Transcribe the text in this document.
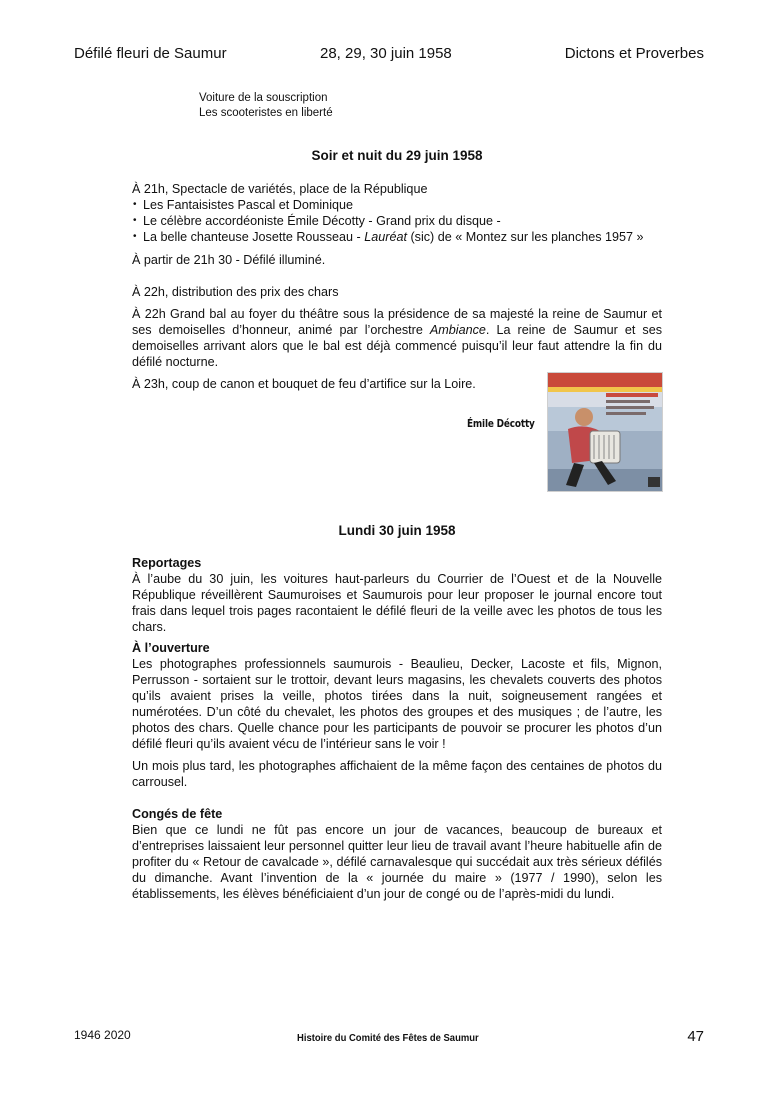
Défilé fleuri de Saumur	28, 29, 30 juin 1958	Dictons et Proverbes
Voiture de la souscription
Les scooteristes en liberté
Soir et nuit du 29 juin 1958
À 21h, Spectacle de variétés, place de la République
• Les Fantaisistes Pascal et Dominique
• Le célèbre accordéoniste Émile Décotty - Grand prix du disque -
• La belle chanteuse Josette Rousseau - Lauréat (sic) de « Montez sur les planches 1957 »
À partir de 21h 30 - Défilé illuminé.
À 22h, distribution des prix des chars
À 22h Grand bal au foyer du théâtre sous la présidence de sa majesté la reine de Saumur et ses demoiselles d’honneur, animé par l’orchestre Ambiance. La reine de Saumur et ses demoiselles arrivant alors que le bal est déjà commencé puisqu’il leur faut attendre la fin du défilé nocturne.
À 23h, coup de canon et bouquet de feu d’artifice sur la Loire.
Émile Décotty
Lundi 30 juin 1958
Reportages
À l’aube du 30 juin, les voitures haut-parleurs du Courrier de l’Ouest et de la Nouvelle République réveillèrent Saumuroises et Saumurois pour leur proposer le journal encore tout frais dans lequel trois pages racontaient le défilé fleuri de la veille avec les photos de tous les chars.
À l’ouverture
Les photographes professionnels saumurois - Beaulieu, Decker, Lacoste et fils, Mignon, Perrusson - sortaient sur le trottoir, devant leurs magasins, les chevalets couverts des photos qu’ils avaient prises la veille, photos tirées dans la nuit, soigneusement rangées et numérotées. D’un côté du chevalet, les photos des groupes et des musiques ; de l’autre, les photos des chars. Quelle chance pour les participants de pouvoir se procurer les photos d’un défilé fleuri qu’ils avaient vécu de l’intérieur sans le voir !
Un mois plus tard, les photographes affichaient de la même façon des centaines de photos du carrousel.
Congés de fête
Bien que ce lundi ne fût pas encore un jour de vacances, beaucoup de bureaux et d’entreprises laissaient leur personnel quitter leur lieu de travail avant l’heure habituelle afin de profiter du « Retour de cavalcade », défilé carnavalesque qui succédait aux très sérieux défilés du dimanche. Avant l’invention de la « journée du maire » (1977 / 1990), selon les établissements, les élèves bénéficiaient d’un jour de congé ou de l’après-midi du lundi.
1946 2020	Histoire du Comité des Fêtes de Saumur	47
